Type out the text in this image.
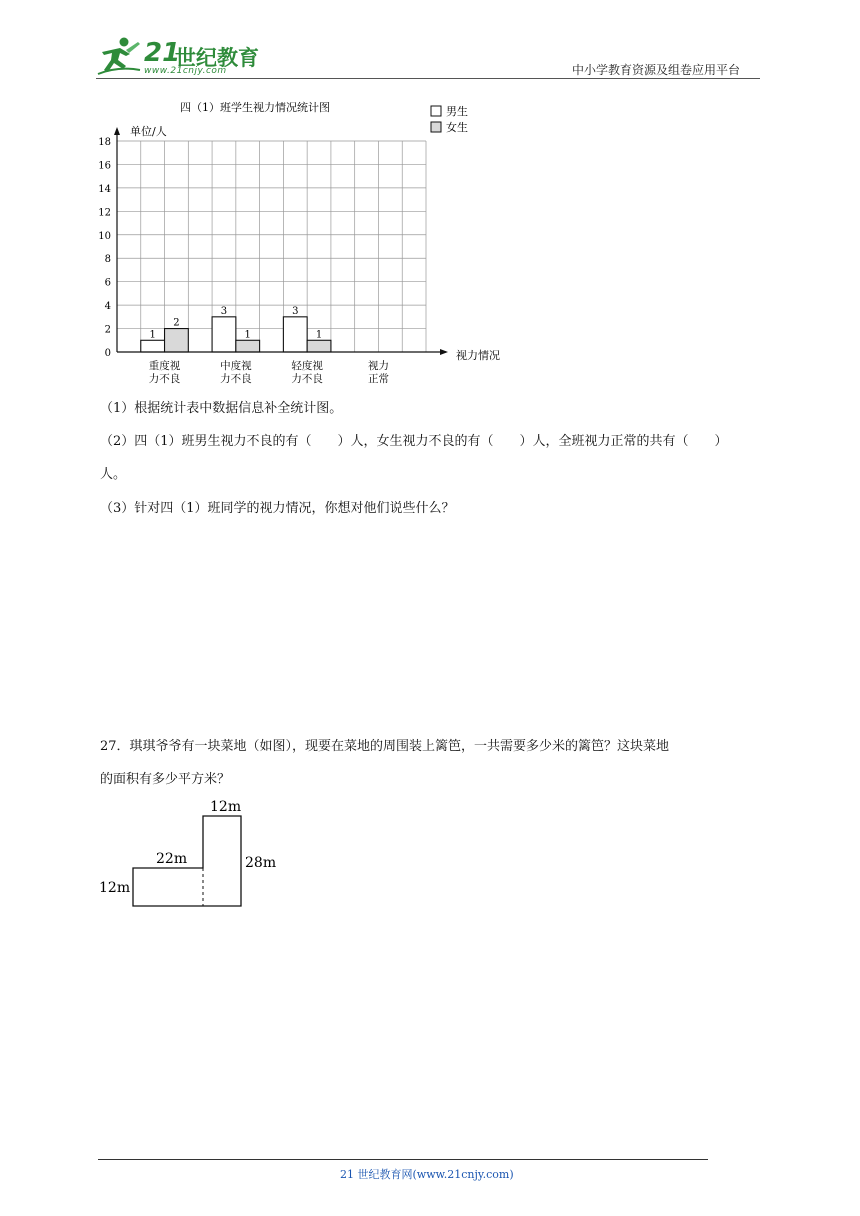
21
世纪教育
www.21cnjy.com	中小学教育资源及组卷应用平台
四（1）班学生视力情况统计图
单位/人
视力情况
1
3	3
2
1	1
0
2
4
6
8
10
12
14
16
18
重度视
力不良
中度视
力不良
轻度视
力不良
视力
正常
男生
女生
（1）根据统计表中数据信息补全统计图。
（2）四（1）班男生视力不良的有（　　）人，女生视力不良的有（　　）人，全班视力正常的共有（　　）
人。
（3）针对四（1）班同学的视力情况，你想对他们说些什么？
27．琪琪爷爷有一块菜地（如图），现要在菜地的周围装上篱笆，一共需要多少米的篱笆？这块菜地
的面积有多少平方米？
12m
22m	28m
12m
21 世纪教育网(www.21cnjy.com)
